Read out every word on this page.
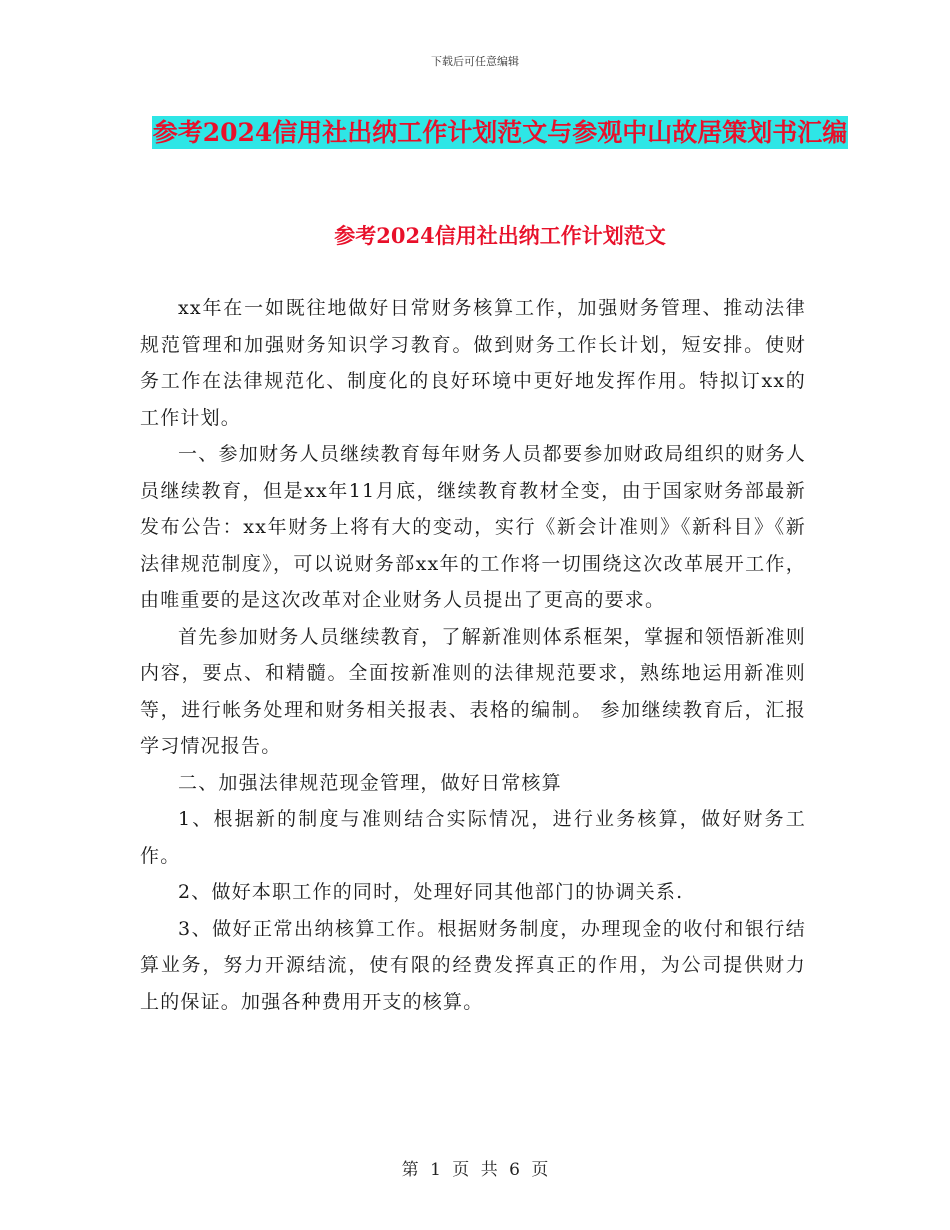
下载后可任意编辑
参考2024信用社出纳工作计划范文与参观中山故居策划书汇编
参考2024信用社出纳工作计划范文

xx年在一如既往地做好日常财务核算工作，加强财务管理、推动法律规范管理和加强财务知识学习教育。做到财务工作长计划，短安排。使财务工作在法律规范化、制度化的良好环境中更好地发挥作用。特拟订xx的工作计划。

一、参加财务人员继续教育每年财务人员都要参加财政局组织的财务人员继续教育，但是xx年11月底，继续教育教材全变，由于国家财务部最新发布公告：xx年财务上将有大的变动，实行《新会计准则》《新科目》《新法律规范制度》，可以说财务部xx年的工作将一切围绕这次改革展开工作，由唯重要的是这次改革对企业财务人员提出了更高的要求。

首先参加财务人员继续教育，了解新准则体系框架，掌握和领悟新准则内容，要点、和精髓。全面按新准则的法律规范要求，熟练地运用新准则等，进行帐务处理和财务相关报表、表格的编制。 参加继续教育后，汇报学习情况报告。

二、加强法律规范现金管理，做好日常核算

1、根据新的制度与准则结合实际情况，进行业务核算，做好财务工作。

2、做好本职工作的同时，处理好同其他部门的协调关系.

3、做好正常出纳核算工作。根据财务制度，办理现金的收付和银行结算业务，努力开源结流，使有限的经费发挥真正的作用，为公司提供财力上的保证。加强各种费用开支的核算。

第 1 页 共 6 页
